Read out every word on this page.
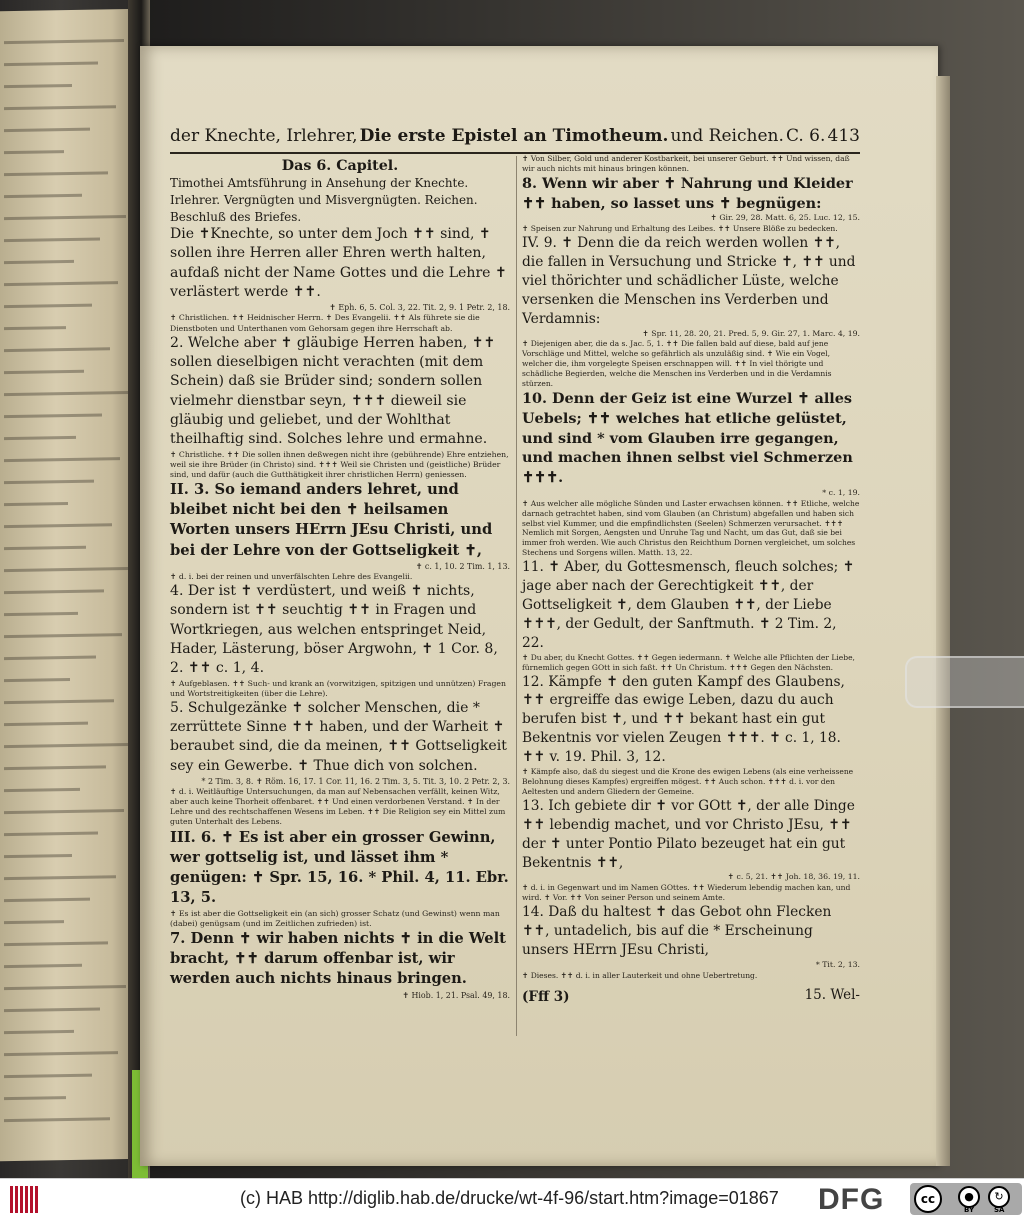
der Knechte, Irlehrer, Die erste Epistel an Timotheum. und Reichen. C. 6. 413

Das 6. Capitel.

Timothei Amtsführung in Ansehung der Knechte. Irlehrer. Vergnügten und Misvergnügten. Reichen. Beschluß des Briefes.

Die ✝Knechte, so unter dem Joch ✝✝ sind, ✝ sollen ihre Herren aller Ehren werth halten, aufdaß nicht der Name Gottes und die Lehre ✝ verlästert werde ✝✝.

✝ Eph. 6, 5. Col. 3, 22. Tit. 2, 9. 1 Petr. 2, 18.

✝ Christlichen. ✝✝ Heidnischer Herrn. ✝ Des Evangelii. ✝✝ Als führete sie die Dienstboten und Unterthanen vom Gehorsam gegen ihre Herrschaft ab.

2. Welche aber ✝ gläubige Herren haben, ✝✝ sollen dieselbigen nicht verachten (mit dem Schein) daß sie Brüder sind; sondern sollen vielmehr dienstbar seyn, ✝✝✝ dieweil sie gläubig und geliebet, und der Wohlthat theilhaftig sind. Solches lehre und ermahne.

✝ Christliche. ✝✝ Die sollen ihnen deßwegen nicht ihre (gebührende) Ehre entziehen, weil sie ihre Brüder (in Christo) sind. ✝✝✝ Weil sie Christen und (geistliche) Brüder sind, und dafür (auch die Gutthätigkeit ihrer christlichen Herrn) geniessen.

II. 3. So iemand anders lehret, und bleibet nicht bei den ✝ heilsamen Worten unsers HErrn JEsu Christi, und bei der Lehre von der Gottseligkeit ✝,

✝ c. 1, 10. 2 Tim. 1, 13.

✝ d. i. bei der reinen und unverfälschten Lehre des Evangelii.

4. Der ist ✝ verdüstert, und weiß ✝ nichts, sondern ist ✝✝ seuchtig ✝✝ in Fragen und Wortkriegen, aus welchen entspringet Neid, Hader, Lästerung, böser Argwohn, ✝ 1 Cor. 8, 2. ✝✝ c. 1, 4.

✝ Aufgeblasen. ✝✝ Such- und krank an (vorwitzigen, spitzigen und unnützen) Fragen und Wortstreitigkeiten (über die Lehre).

5. Schulgezänke ✝ solcher Menschen, die * zerrüttete Sinne ✝✝ haben, und der Warheit ✝ beraubet sind, die da meinen, ✝✝ Gottseligkeit sey ein Gewerbe. ✝ Thue dich von solchen.

* 2 Tim. 3, 8. ✝ Röm. 16, 17. 1 Cor. 11, 16. 2 Tim. 3, 5. Tit. 3, 10. 2 Petr. 2, 3.

✝ d. i. Weitläuftige Untersuchungen, da man auf Nebensachen verfällt, keinen Witz, aber auch keine Thorheit offenbaret. ✝✝ Und einen verdorbenen Verstand. ✝ In der Lehre und des rechtschaffenen Wesens im Leben. ✝✝ Die Religion sey ein Mittel zum guten Unterhalt des Lebens.

III. 6. ✝ Es ist aber ein grosser Gewinn, wer gottselig ist, und lässet ihm * genügen: ✝ Spr. 15, 16. * Phil. 4, 11. Ebr. 13, 5.

✝ Es ist aber die Gottseligkeit ein (an sich) grosser Schatz (und Gewinst) wenn man (dabei) genügsam (und im Zeitlichen zufrieden) ist.

7. Denn ✝ wir haben nichts ✝ in die Welt bracht, ✝✝ darum offenbar ist, wir werden auch nichts hinaus bringen.

✝ Hiob. 1, 21. Psal. 49, 18.

✝ Von Silber, Gold und anderer Kostbarkeit, bei unserer Geburt. ✝✝ Und wissen, daß wir auch nichts mit hinaus bringen können.

8. Wenn wir aber ✝ Nahrung und Kleider ✝✝ haben, so lasset uns ✝ begnügen:

✝ Gir. 29, 28. Matt. 6, 25. Luc. 12, 15.

✝ Speisen zur Nahrung und Erhaltung des Leibes. ✝✝ Unsere Blöße zu bedecken.

IV. 9. ✝ Denn die da reich werden wollen ✝✝, die fallen in Versuchung und Stricke ✝, ✝✝ und viel thörichter und schädlicher Lüste, welche versenken die Menschen ins Verderben und Verdamnis:

✝ Spr. 11, 28. 20, 21. Pred. 5, 9. Gir. 27, 1. Marc. 4, 19.

✝ Diejenigen aber, die da s. Jac. 5, 1. ✝✝ Die fallen bald auf diese, bald auf jene Vorschläge und Mittel, welche so gefährlich als unzuläßig sind. ✝ Wie ein Vogel, welcher die, ihm vorgelegte Speisen erschnappen will. ✝✝ In viel thörigte und schädliche Begierden, welche die Menschen ins Verderben und in die Verdamnis stürzen.

10. Denn der Geiz ist eine Wurzel ✝ alles Uebels; ✝✝ welches hat etliche gelüstet, und sind * vom Glauben irre gegangen, und machen ihnen selbst viel Schmerzen ✝✝✝.

* c. 1, 19.

✝ Aus welcher alle mögliche Sünden und Laster erwachsen können. ✝✝ Etliche, welche darnach getrachtet haben, sind vom Glauben (an Christum) abgefallen und haben sich selbst viel Kummer, und die empfindlichsten (Seelen) Schmerzen verursachet. ✝✝✝ Nemlich mit Sorgen, Aengsten und Unruhe Tag und Nacht, um das Gut, daß sie bei immer froh werden. Wie auch Christus den Reichthum Dornen vergleichet, um solches Stechens und Sorgens willen. Matth. 13, 22.

11. ✝ Aber, du Gottesmensch, fleuch solches; ✝ jage aber nach der Gerechtigkeit ✝✝, der Gottseligkeit ✝, dem Glauben ✝✝, der Liebe ✝✝✝, der Gedult, der Sanftmuth. ✝ 2 Tim. 2, 22.

✝ Du aber, du Knecht Gottes. ✝✝ Gegen iedermann. ✝ Welche alle Pflichten der Liebe, fürnemlich gegen GOtt in sich faßt. ✝✝ Un Christum. ✝✝✝ Gegen den Nächsten.

12. Kämpfe ✝ den guten Kampf des Glaubens, ✝✝ ergreiffe das ewige Leben, dazu du auch berufen bist ✝, und ✝✝ bekant hast ein gut Bekentnis vor vielen Zeugen ✝✝✝. ✝ c. 1, 18. ✝✝ v. 19. Phil. 3, 12.

✝ Kämpfe also, daß du siegest und die Krone des ewigen Lebens (als eine verheissene Belohnung dieses Kampfes) ergreiffen mögest. ✝✝ Auch schon. ✝✝✝ d. i. vor den Aeltesten und andern Gliedern der Gemeine.

13. Ich gebiete dir ✝ vor GOtt ✝, der alle Dinge ✝✝ lebendig machet, und vor Christo JEsu, ✝✝ der ✝ unter Pontio Pilato bezeuget hat ein gut Bekentnis ✝✝,

✝ c. 5, 21. ✝✝ Joh. 18, 36. 19, 11.

✝ d. i. in Gegenwart und im Namen GOttes. ✝✝ Wiederum lebendig machen kan, und wird. ✝ Vor. ✝✝ Von seiner Person und seinem Amte.

14. Daß du haltest ✝ das Gebot ohn Flecken ✝✝, untadelich, bis auf die * Erscheinung unsers HErrn JEsu Christi,

* Tit. 2, 13.

✝ Dieses. ✝✝ d. i. in aller Lauterkeit und ohne Uebertretung.

(Fff 3)	15. Wel-

(c) HAB http://diglib.hab.de/drucke/wt-4f-96/start.htm?image=01867 DFG	cc	●	↻
BY	SA
